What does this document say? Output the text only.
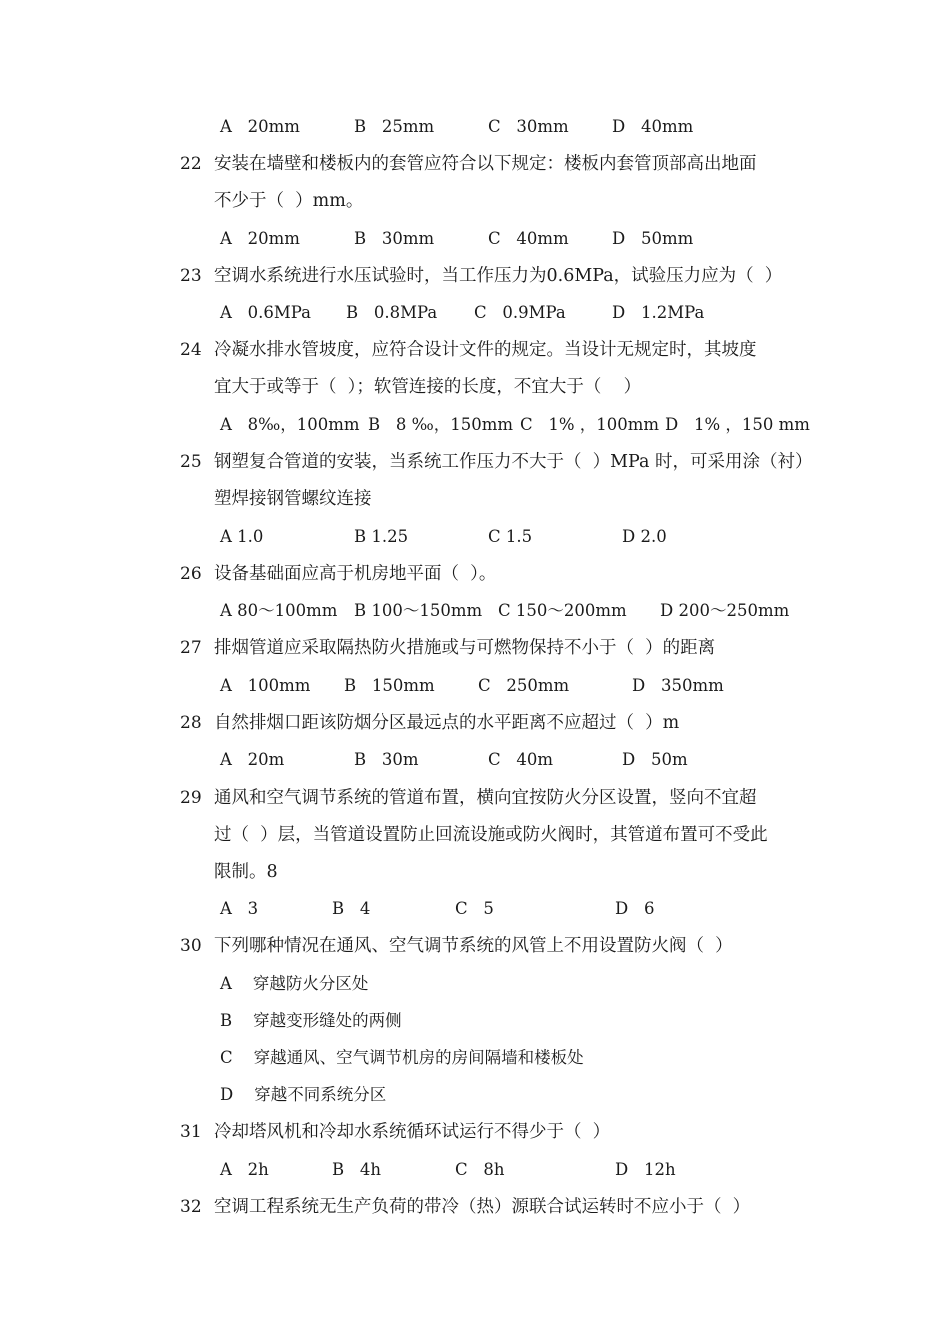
A   20mm	B   25mm	C   30mm	D   40mm
22 安装在墙壁和楼板内的套管应符合以下规定：楼板内套管顶部高出地面

不少于（  ）mm。

A   20mm	B   30mm	C   40mm	D   50mm
23 空调水系统进行水压试验时，当工作压力为0.6MPa，试验压力应为（  ）

A   0.6MPa B   0.8MPa C   0.9MPa	D   1.2MPa
24 冷凝水排水管坡度，应符合设计文件的规定。当设计无规定时，其坡度

宜大于或等于（  ）；软管连接的长度，不宜大于（    ）

A   8‰，100mm B   8 ‰，150mm C   1% ，100mm D   1% ，150 mm
25 钢塑复合管道的安装，当系统工作压力不大于（  ）MPa 时，可采用涂（衬）

塑焊接钢管螺纹连接

A 1.0	B 1.25	C 1.5	D 2.0
26 设备基础面应高于机房地平面（  ）。

A 80～100mm B 100～150mm C 150～200mm D 200～250mm
27 排烟管道应采取隔热防火措施或与可燃物保持不小于（  ）的距离

A   100mm B   150mm	C   250mm	D   350mm
28 自然排烟口距该防烟分区最远点的水平距离不应超过（  ）m

A   20m	B   30m	C   40m	D   50m
29 通风和空气调节系统的管道布置，横向宜按防火分区设置，竖向不宜超

过（  ）层，当管道设置防止回流设施或防火阀时，其管道布置可不受此

限制。8

A   3	B   4	C   5	D   6
30 下列哪种情况在通风、空气调节系统的风管上不用设置防火阀（  ）

A    穿越防火分区处
B    穿越变形缝处的两侧
C    穿越通风、空气调节机房的房间隔墙和楼板处
D    穿越不同系统分区
31 冷却塔风机和冷却水系统循环试运行不得少于（  ）

A   2h	B   4h	C   8h	D   12h
32 空调工程系统无生产负荷的带冷（热）源联合试运转时不应小于（  ）
